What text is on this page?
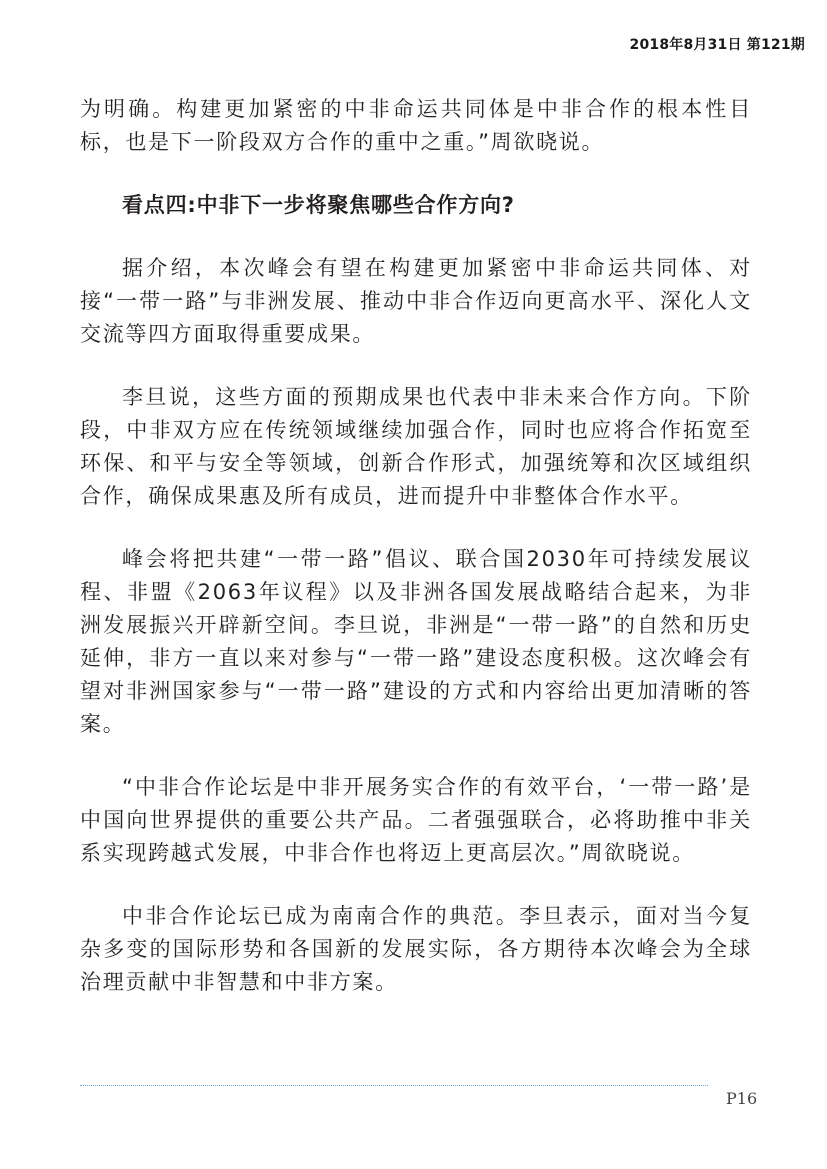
2018年8月31日 第121期

为明确。构建更加紧密的中非命运共同体是中非合作的根本性目标，也是下一阶段双方合作的重中之重。”周欲晓说。

看点四:中非下一步将聚焦哪些合作方向?

据介绍，本次峰会有望在构建更加紧密中非命运共同体、对接“一带一路”与非洲发展、推动中非合作迈向更高水平、深化人文交流等四方面取得重要成果。

李旦说，这些方面的预期成果也代表中非未来合作方向。下阶段，中非双方应在传统领域继续加强合作，同时也应将合作拓宽至环保、和平与安全等领域，创新合作形式，加强统筹和次区域组织合作，确保成果惠及所有成员，进而提升中非整体合作水平。

峰会将把共建“一带一路”倡议、联合国2030年可持续发展议程、非盟《2063年议程》以及非洲各国发展战略结合起来，为非洲发展振兴开辟新空间。李旦说，非洲是“一带一路”的自然和历史延伸，非方一直以来对参与“一带一路”建设态度积极。这次峰会有望对非洲国家参与“一带一路”建设的方式和内容给出更加清晰的答案。

“中非合作论坛是中非开展务实合作的有效平台，‘一带一路’是中国向世界提供的重要公共产品。二者强强联合，必将助推中非关系实现跨越式发展，中非合作也将迈上更高层次。”周欲晓说。

中非合作论坛已成为南南合作的典范。李旦表示，面对当今复杂多变的国际形势和各国新的发展实际，各方期待本次峰会为全球治理贡献中非智慧和中非方案。

P16
